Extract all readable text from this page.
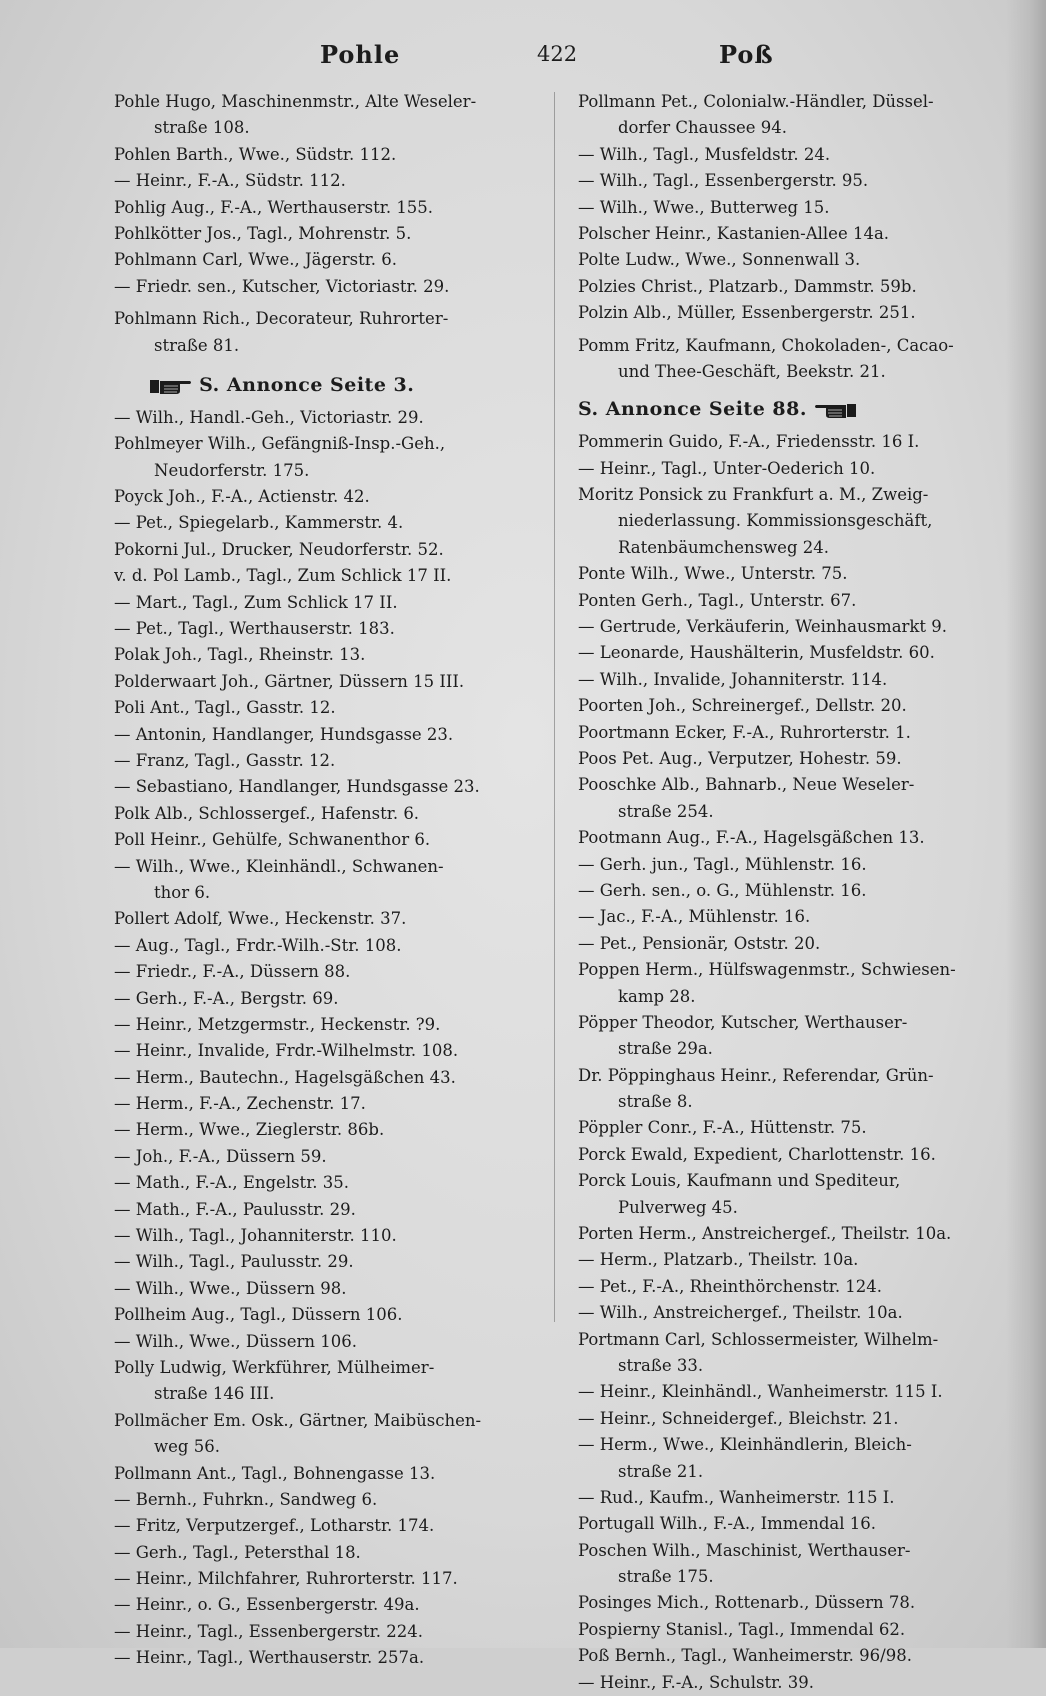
Pohle	422	Poß
Pohle Hugo, Maschinenmstr., Alte Weseler-
straße 108.
Pohlen Barth., Wwe., Südstr. 112.
— Heinr., F.-A., Südstr. 112.
Pohlig Aug., F.-A., Werthauserstr. 155.
Pohlkötter Jos., Tagl., Mohrenstr. 5.
Pohlmann Carl, Wwe., Jägerstr. 6.
— Friedr. sen., Kutscher, Victoriastr. 29.
Pohlmann Rich., Decorateur, Ruhrorter-
straße 81.
S. Annonce Seite 3.
— Wilh., Handl.-Geh., Victoriastr. 29.
Pohlmeyer Wilh., Gefängniß-Insp.-Geh.,
Neudorferstr. 175.
Poyck Joh., F.-A., Actienstr. 42.
— Pet., Spiegelarb., Kammerstr. 4.
Pokorni Jul., Drucker, Neudorferstr. 52.
v. d. Pol Lamb., Tagl., Zum Schlick 17 II.
— Mart., Tagl., Zum Schlick 17 II.
— Pet., Tagl., Werthauserstr. 183.
Polak Joh., Tagl., Rheinstr. 13.
Polderwaart Joh., Gärtner, Düssern 15 III.
Poli Ant., Tagl., Gasstr. 12.
— Antonin, Handlanger, Hundsgasse 23.
— Franz, Tagl., Gasstr. 12.
— Sebastiano, Handlanger, Hundsgasse 23.
Polk Alb., Schlossergef., Hafenstr. 6.
Poll Heinr., Gehülfe, Schwanenthor 6.
— Wilh., Wwe., Kleinhändl., Schwanen-
thor 6.
Pollert Adolf, Wwe., Heckenstr. 37.
— Aug., Tagl., Frdr.-Wilh.-Str. 108.
— Friedr., F.-A., Düssern 88.
— Gerh., F.-A., Bergstr. 69.
— Heinr., Metzgermstr., Heckenstr. ?9.
— Heinr., Invalide, Frdr.-Wilhelmstr. 108.
— Herm., Bautechn., Hagelsgäßchen 43.
— Herm., F.-A., Zechenstr. 17.
— Herm., Wwe., Zieglerstr. 86b.
— Joh., F.-A., Düssern 59.
— Math., F.-A., Engelstr. 35.
— Math., F.-A., Paulusstr. 29.
— Wilh., Tagl., Johanniterstr. 110.
— Wilh., Tagl., Paulusstr. 29.
— Wilh., Wwe., Düssern 98.
Pollheim Aug., Tagl., Düssern 106.
— Wilh., Wwe., Düssern 106.
Polly Ludwig, Werkführer, Mülheimer-
straße 146 III.
Pollmächer Em. Osk., Gärtner, Maibüschen-
weg 56.
Pollmann Ant., Tagl., Bohnengasse 13.
— Bernh., Fuhrkn., Sandweg 6.
— Fritz, Verputzergef., Lotharstr. 174.
— Gerh., Tagl., Petersthal 18.
— Heinr., Milchfahrer, Ruhrorterstr. 117.
— Heinr., o. G., Essenbergerstr. 49a.
— Heinr., Tagl., Essenbergerstr. 224.
— Heinr., Tagl., Werthauserstr. 257a.
Pollmann Pet., Colonialw.-Händler, Düssel-
dorfer Chaussee 94.
— Wilh., Tagl., Musfeldstr. 24.
— Wilh., Tagl., Essenbergerstr. 95.
— Wilh., Wwe., Butterweg 15.
Polscher Heinr., Kastanien-Allee 14a.
Polte Ludw., Wwe., Sonnenwall 3.
Polzies Christ., Platzarb., Dammstr. 59b.
Polzin Alb., Müller, Essenbergerstr. 251.
Pomm Fritz, Kaufmann, Chokoladen-, Cacao-
und Thee-Geschäft, Beekstr. 21.
S. Annonce Seite 88.
Pommerin Guido, F.-A., Friedensstr. 16 I.
— Heinr., Tagl., Unter-Oederich 10.
Moritz Ponsick zu Frankfurt a. M., Zweig-
niederlassung. Kommissionsgeschäft,
Ratenbäumchensweg 24.
Ponte Wilh., Wwe., Unterstr. 75.
Ponten Gerh., Tagl., Unterstr. 67.
— Gertrude, Verkäuferin, Weinhausmarkt 9.
— Leonarde, Haushälterin, Musfeldstr. 60.
— Wilh., Invalide, Johanniterstr. 114.
Poorten Joh., Schreinergef., Dellstr. 20.
Poortmann Ecker, F.-A., Ruhrorterstr. 1.
Poos Pet. Aug., Verputzer, Hohestr. 59.
Pooschke Alb., Bahnarb., Neue Weseler-
straße 254.
Pootmann Aug., F.-A., Hagelsgäßchen 13.
— Gerh. jun., Tagl., Mühlenstr. 16.
— Gerh. sen., o. G., Mühlenstr. 16.
— Jac., F.-A., Mühlenstr. 16.
— Pet., Pensionär, Oststr. 20.
Poppen Herm., Hülfswagenmstr., Schwiesen-
kamp 28.
Pöpper Theodor, Kutscher, Werthauser-
straße 29a.
Dr. Pöppinghaus Heinr., Referendar, Grün-
straße 8.
Pöppler Conr., F.-A., Hüttenstr. 75.
Porck Ewald, Expedient, Charlottenstr. 16.
Porck Louis, Kaufmann und Spediteur,
Pulverweg 45.
Porten Herm., Anstreichergef., Theilstr. 10a.
— Herm., Platzarb., Theilstr. 10a.
— Pet., F.-A., Rheinthörchenstr. 124.
— Wilh., Anstreichergef., Theilstr. 10a.
Portmann Carl, Schlossermeister, Wilhelm-
straße 33.
— Heinr., Kleinhändl., Wanheimerstr. 115 I.
— Heinr., Schneidergef., Bleichstr. 21.
— Herm., Wwe., Kleinhändlerin, Bleich-
straße 21.
— Rud., Kaufm., Wanheimerstr. 115 I.
Portugall Wilh., F.-A., Immendal 16.
Poschen Wilh., Maschinist, Werthauser-
straße 175.
Posinges Mich., Rottenarb., Düssern 78.
Pospierny Stanisl., Tagl., Immendal 62.
Poß Bernh., Tagl., Wanheimerstr. 96/98.
— Heinr., F.-A., Schulstr. 39.
